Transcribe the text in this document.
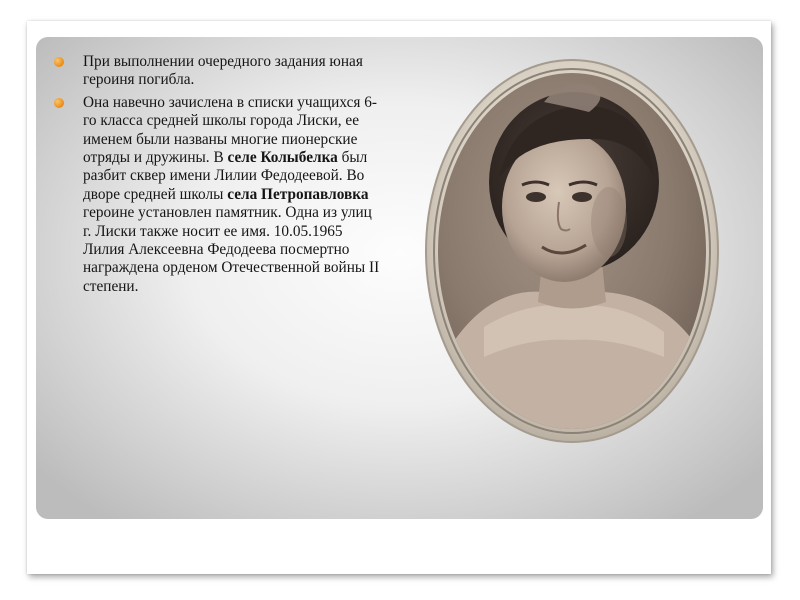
При выполнении очередного задания юная героиня погибла.
Она навечно зачислена в списки учащихся 6-го класса средней школы города Лиски, ее именем были названы многие пионерские отряды и дружины. В селе Колыбелка был разбит сквер имени Лилии Федодеевой. Во дворе средней школы села Петропавловка героине установлен памятник. Одна из улиц г. Лиски также носит ее имя. 10.05.1965 Лилия Алексеевна Федодеева посмертно награждена орденом Отечественной войны II степени.
